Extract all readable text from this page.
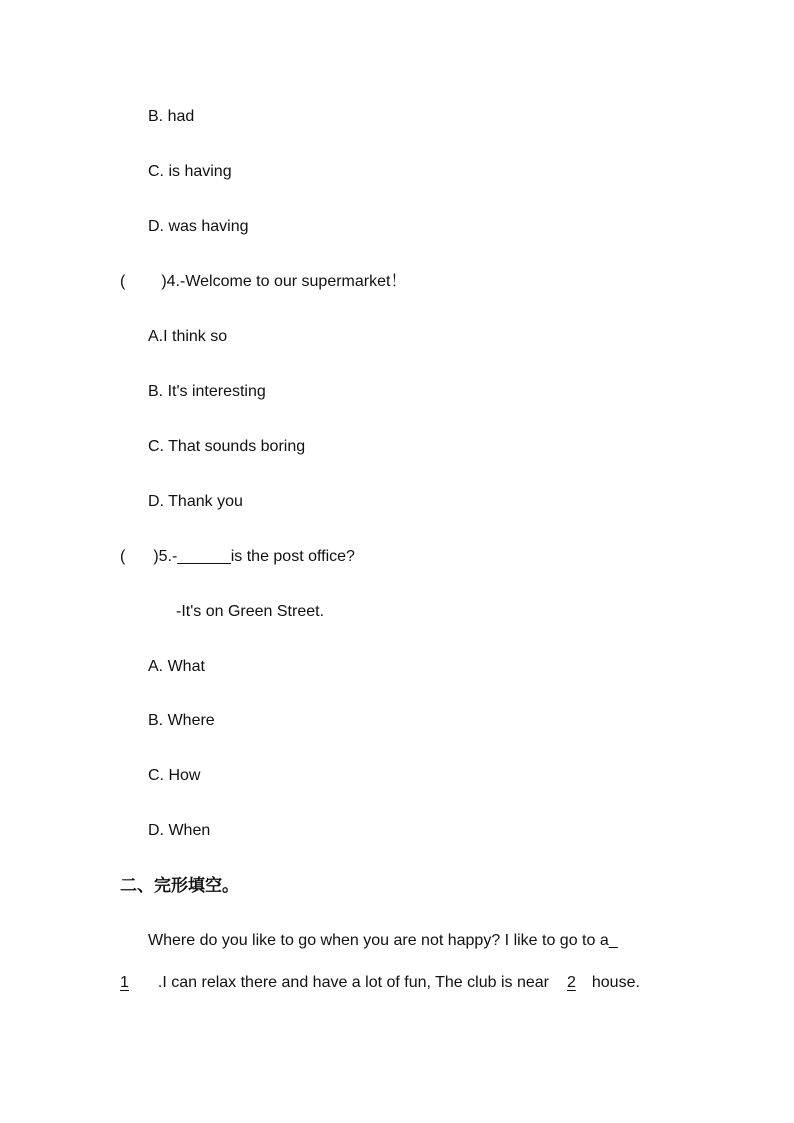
B. had
C. is having
D. was having
( )4.-Welcome to our supermarket！
A.I think so
B. It's interesting
C. That sounds boring
D. Thank you
( )5.-______is the post office?
-It's on Green Street.
A. What
B. Where
C. How
D. When
二、完形填空。
Where do you like to go when you are not happy? I like to go to a_
1 .I can relax there and have a lot of fun, The club is near 2 house.
